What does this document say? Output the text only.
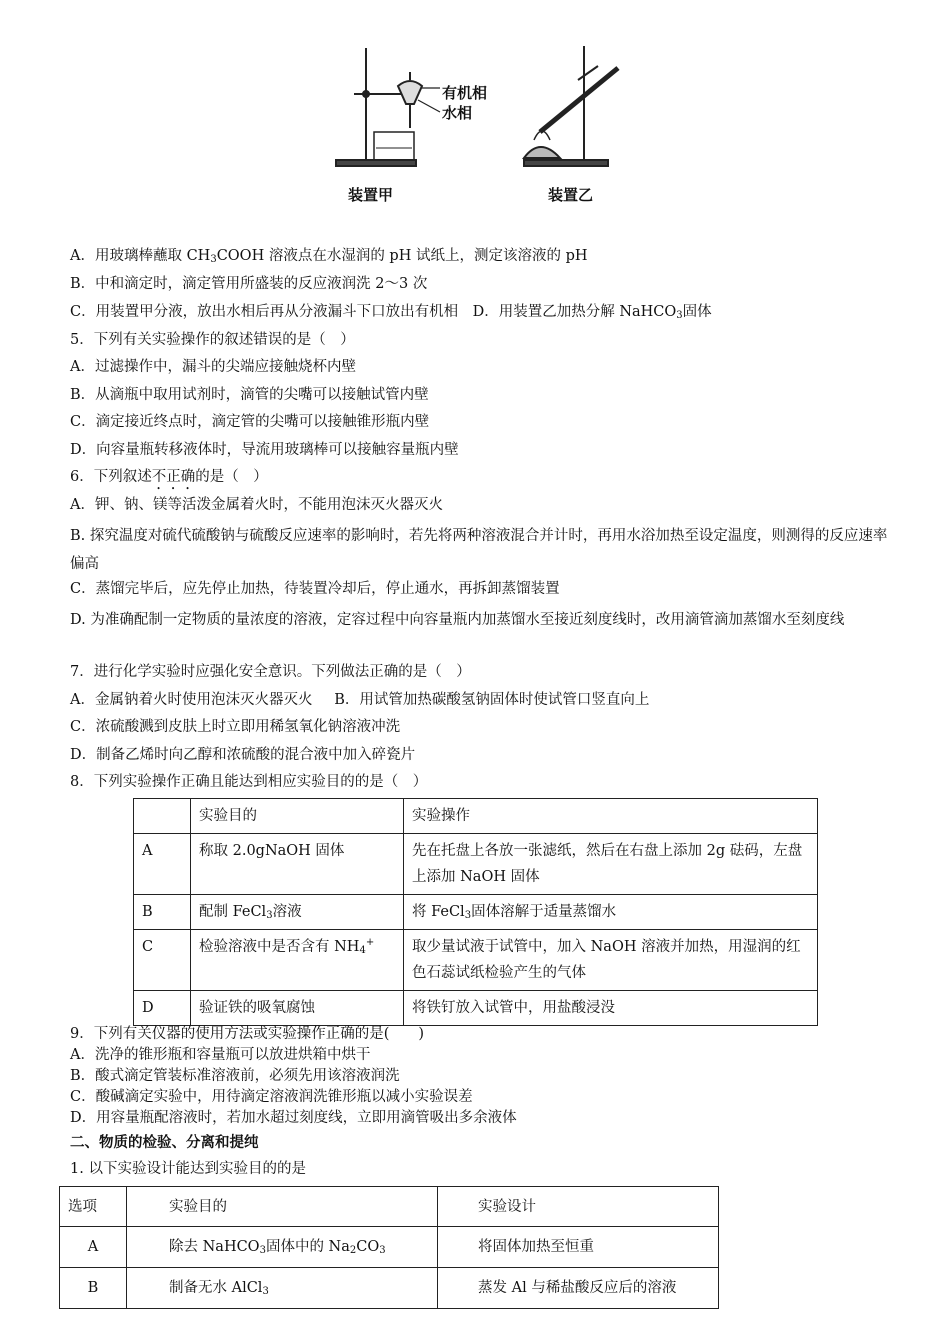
有机相
水相
装置甲	装置乙
A．用玻璃棒蘸取 $CH_3COOH$ 溶液点在水湿润的 pH 试纸上，测定该溶液的 pH
B．中和滴定时，滴定管用所盛装的反应液润洗 2～3 次
C．用装置甲分液，放出水相后再从分液漏斗下口放出有机相  D．用装置乙加热分解 NaHCO$_3$固体
5．下列有关实验操作的叙述错误的是（　）
A．过滤操作中，漏斗的尖端应接触烧杯内壁
B．从滴瓶中取用试剂时，滴管的尖嘴可以接触试管内壁
C．滴定接近终点时，滴定管的尖嘴可以接触锥形瓶内壁
D．向容量瓶转移液体时，导流用玻璃棒可以接触容量瓶内壁
6．下列叙述不正确的是（　）
A．钾、钠、镁等活泼金属着火时，不能用泡沫灭火器灭火
B. 探究温度对硫代硫酸钠与硫酸反应速率的影响时，若先将两种溶液混合并计时，再用水浴加热至设定温度，则测得的反应速率偏高
C．蒸馏完毕后，应先停止加热，待装置冷却后，停止通水，再拆卸蒸馏装置
D. 为准确配制一定物质的量浓度的溶液，定容过程中向容量瓶内加蒸馏水至接近刻度线时，改用滴管滴加蒸馏水至刻度线
7．进行化学实验时应强化安全意识。下列做法正确的是（　）
A．金属钠着火时使用泡沫灭火器灭火   B．用试管加热碳酸氢钠固体时使试管口竖直向上
C．浓硫酸溅到皮肤上时立即用稀氢氧化钠溶液冲洗
D．制备乙烯时向乙醇和浓硫酸的混合液中加入碎瓷片
8．下列实验操作正确且能达到相应实验目的的是（　）
	实验目的	实验操作
A	称取 2.0gNaOH 固体	先在托盘上各放一张滤纸，然后在右盘上添加 2g 砝码，左盘上添加 NaOH 固体
B	配制 FeCl$_3$溶液	将 FeCl$_3$固体溶解于适量蒸馏水
C	检验溶液中是否含有 $NH_4^+$	取少量试液于试管中，加入 NaOH 溶液并加热，用湿润的红色石蕊试纸检验产生的气体
D	验证铁的吸氧腐蚀	将铁钉放入试管中，用盐酸浸没
9．下列有关仪器的使用方法或实验操作正确的是(　　)
A．洗净的锥形瓶和容量瓶可以放进烘箱中烘干
B．酸式滴定管装标准溶液前，必须先用该溶液润洗
C．酸碱滴定实验中，用待滴定溶液润洗锥形瓶以减小实验误差
D．用容量瓶配溶液时，若加水超过刻度线，立即用滴管吸出多余液体
二、物质的检验、分离和提纯
1. 以下实验设计能达到实验目的的是
选项	实验目的	实验设计
A	除去 NaHCO$_3$固体中的 $Na_2CO_3$	将固体加热至恒重
B	制备无水 AlCl$_3$	蒸发 Al 与稀盐酸反应后的溶液
